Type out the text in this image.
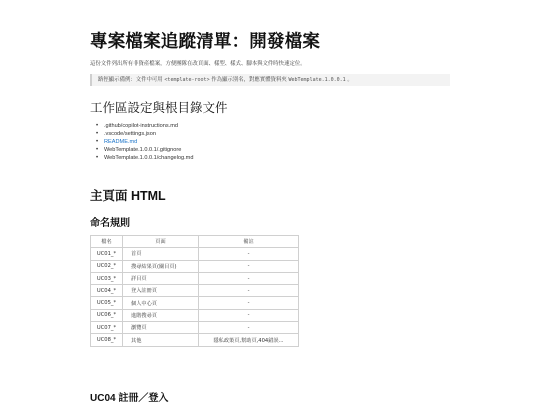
專案檔案追蹤清單：開發檔案

這份文件列出所有非資產檔案，方便團隊在改頁面、樣型、樣式、腳本與文件時快速定位。

路徑顯示備例：文件中可用 <template-root> 作為顯示別名，對應實體資料夾 WebTemplate.1.0.0.1 。
工作區設定與根目錄文件
• .github/copilot-instructions.md
• .vscode/settings.json
• README.md
• WebTemplate.1.0.0.1/.gitignore
• WebTemplate.1.0.0.1/changelog.md
主頁面 HTML
命名規則
檔名	頁面	備註
UC01_*	首頁	-
UC02_*	搜尋結果頁(關目頁)	-
UC03_*	詳目頁	-
UC04_*	登入註冊頁	-
UC05_*	個人中心頁	-
UC06_*	進階搜尋頁	-
UC07_*	瀏覽頁	-
UC08_*	其他	隱私政策頁,幫助頁,404錯誤...
UC04 註冊／登入
